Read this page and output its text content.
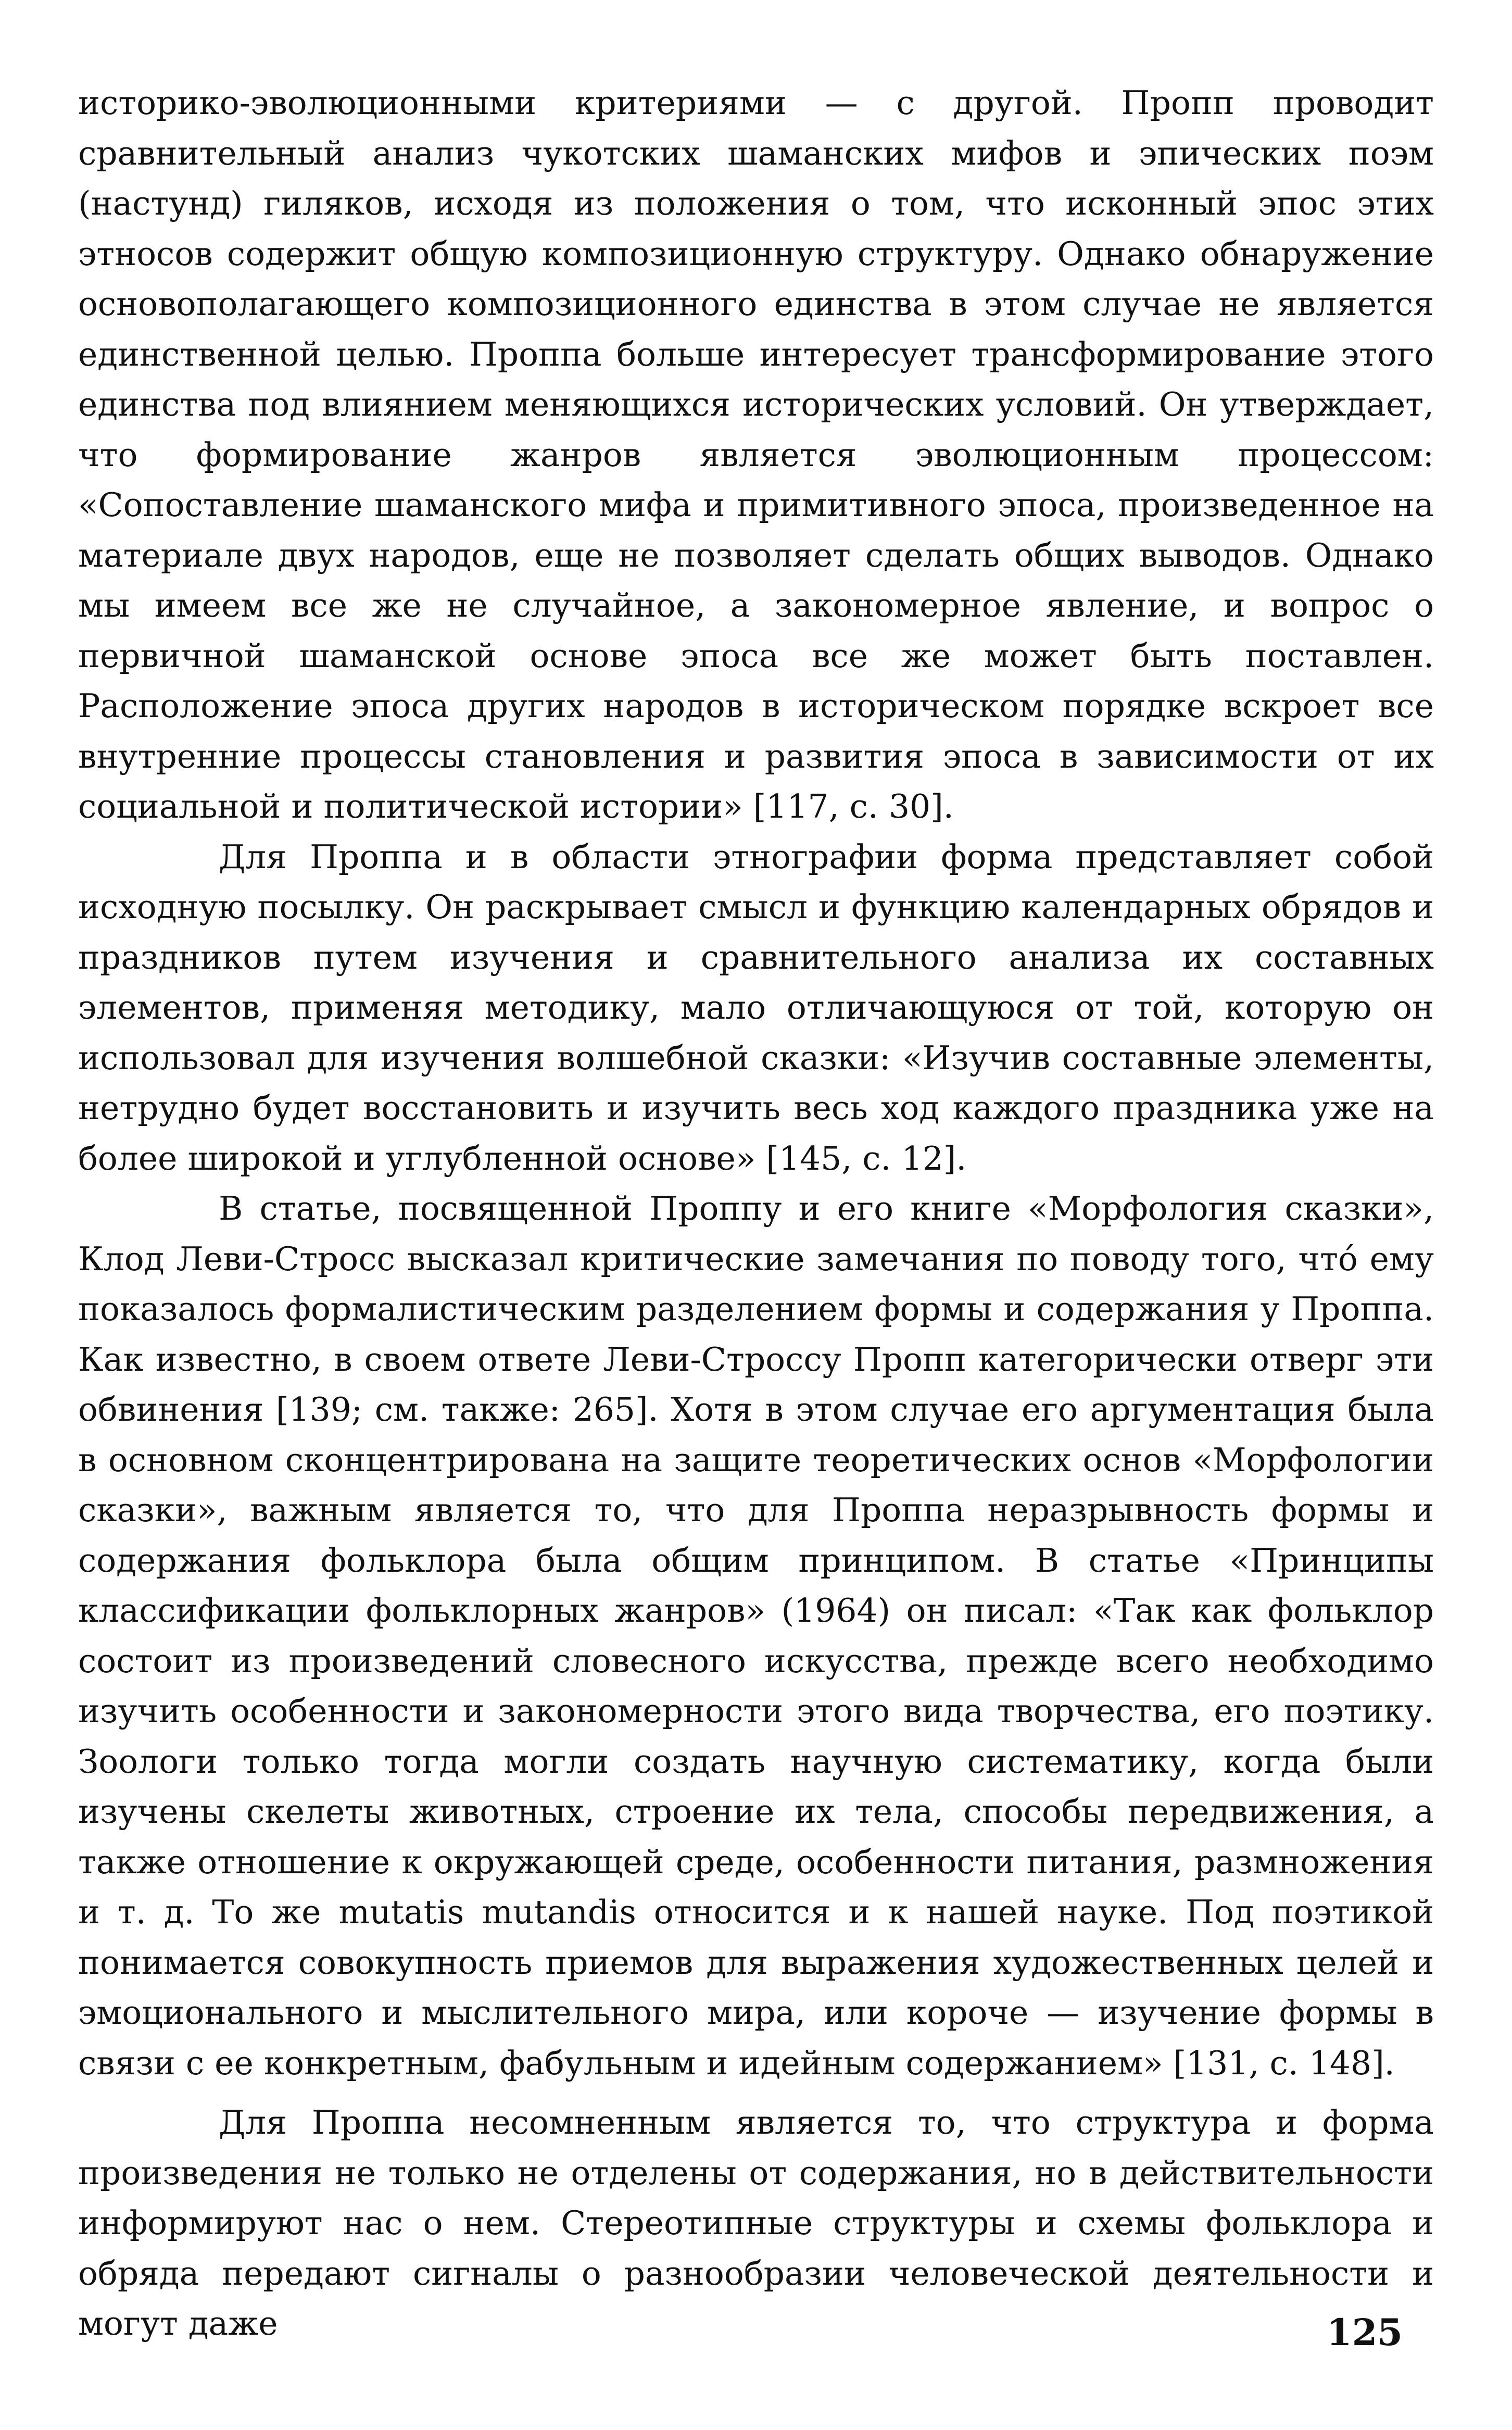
историко-эволюционными критериями — с другой. Пропп проводит сравнительный анализ чукотских шаманских мифов и эпических поэм (настунд) гиляков, исходя из положения о том, что исконный эпос этих этносов содержит общую композиционную структуру. Однако обнаружение основополагающего композиционного единства в этом случае не является единственной целью. Проппа больше интересует трансформирование этого единства под влиянием меняющихся исторических условий. Он утверждает, что формирование жанров является эволюционным процессом: «Сопоставление шаманского мифа и примитивного эпоса, произведенное на материале двух народов, еще не позволяет сделать общих выводов. Однако мы имеем все же не случайное, а закономерное явление, и вопрос о первичной шаманской основе эпоса все же может быть поставлен. Расположение эпоса других народов в историческом порядке вскроет все внутренние процессы становления и развития эпоса в зависимости от их социальной и политической истории» [117, с. 30].

Для Проппа и в области этнографии форма представляет собой исходную посылку. Он раскрывает смысл и функцию календарных обрядов и праздников путем изучения и сравнительного анализа их составных элементов, применяя методику, мало отличающуюся от той, которую он использовал для изучения волшебной сказки: «Изучив составные элементы, нетрудно будет восстановить и изучить весь ход каждого праздника уже на более широкой и углубленной основе» [145, с. 12].

В статье, посвященной Проппу и его книге «Морфология сказки», Клод Леви-Стросс высказал критические замечания по поводу того, что́ ему показалось формалистическим разделением формы и содержания у Проппа. Как известно, в своем ответе Леви-Строссу Пропп категорически отверг эти обвинения [139; см. также: 265]. Хотя в этом случае его аргументация была в основном сконцентрирована на защите теоретических основ «Морфологии сказки», важным является то, что для Проппа неразрывность формы и содержания фольклора была общим принципом. В статье «Принципы классификации фольклорных жанров» (1964) он писал: «Так как фольклор состоит из произведений словесного искусства, прежде всего необходимо изучить особенности и закономерности этого вида творчества, его поэтику. Зоологи только тогда могли создать научную систематику, когда были изучены скелеты животных, строение их тела, способы передвижения, а также отношение к окружающей среде, особенности питания, размножения и т. д. То же mutatis mutandis относится и к нашей науке. Под поэтикой понимается совокупность приемов для выражения художественных целей и эмоционального и мыслительного мира, или короче — изучение формы в связи с ее конкретным, фабульным и идейным содержанием» [131, с. 148].

Для Проппа несомненным является то, что структура и форма произведения не только не отделены от содержания, но в действительности информируют нас о нем. Стереотипные структуры и схемы фольклора и обряда передают сигналы о разнообразии человеческой деятельности и могут даже	125
